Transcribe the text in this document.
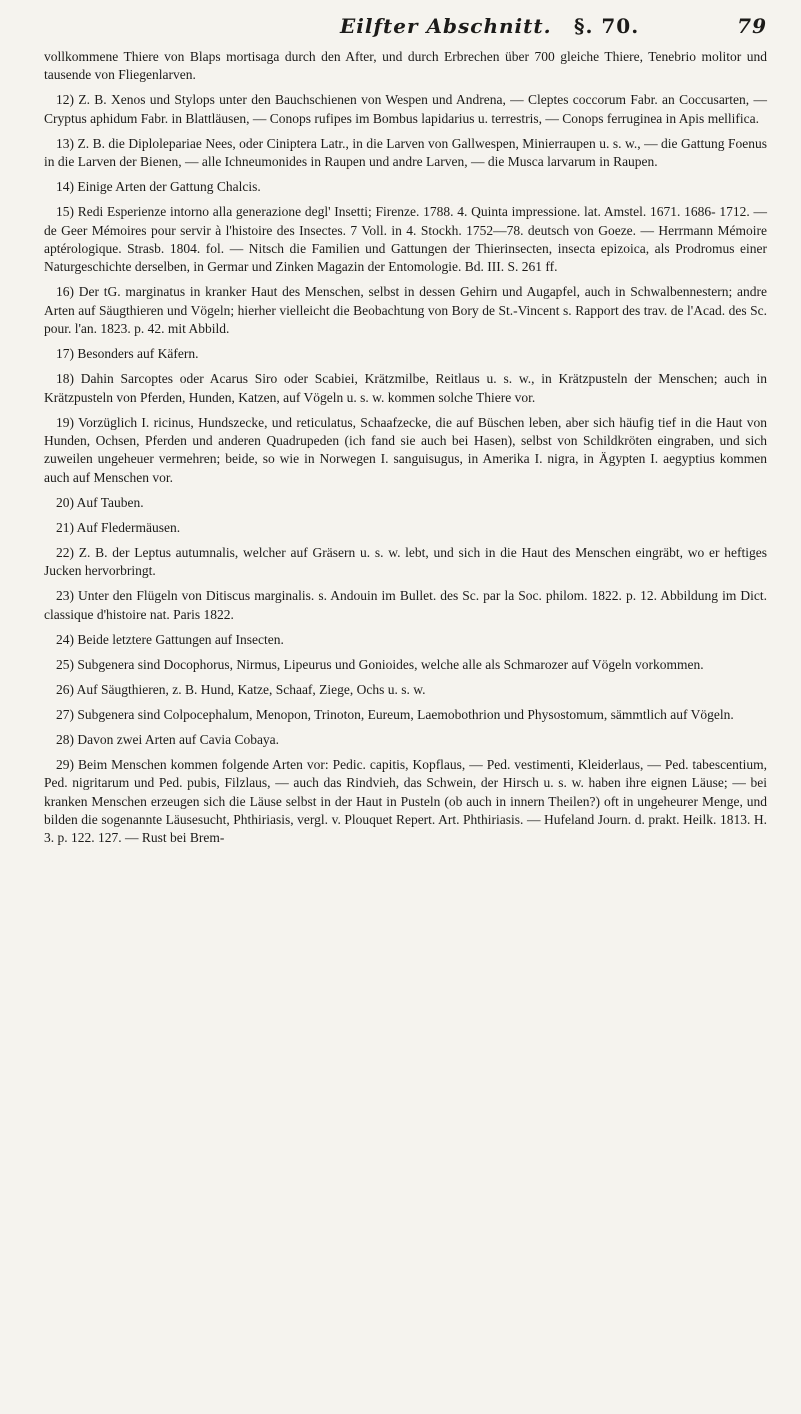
Eilfter Abschnitt. §. 70.	79

vollkommene Thiere von Blaps mortisaga durch den After, und durch Erbrechen über 700 gleiche Thiere, Tenebrio molitor und tausende von Fliegenlarven.

12) Z. B. Xenos und Stylops unter den Bauchschienen von Wespen und Andrena, — Cleptes coccorum Fabr. an Coccusarten, — Cryptus aphidum Fabr. in Blattläusen, — Conops rufipes im Bombus lapidarius u. terrestris, — Conops ferruginea in Apis mellifica.

13) Z. B. die Diplolepariae Nees, oder Ciniptera Latr., in die Larven von Gallwespen, Minierraupen u. s. w., — die Gattung Foenus in die Larven der Bienen, — alle Ichneumonides in Raupen und andre Larven, — die Musca larvarum in Raupen.

14) Einige Arten der Gattung Chalcis.

15) Redi Esperienze intorno alla generazione degl' Insetti; Firenze. 1788. 4. Quinta impressione. lat. Amstel. 1671. 1686- 1712. — de Geer Mémoires pour servir à l'histoire des Insectes. 7 Voll. in 4. Stockh. 1752—78. deutsch von Goeze. — Herrmann Mémoire aptérologique. Strasb. 1804. fol. — Nitsch die Familien und Gattungen der Thierinsecten, insecta epizoica, als Prodromus einer Naturgeschichte derselben, in Germar und Zinken Magazin der Entomologie. Bd. III. S. 261 ff.

16) Der tG. marginatus in kranker Haut des Menschen, selbst in dessen Gehirn und Augapfel, auch in Schwalbennestern; andre Arten auf Säugthieren und Vögeln; hierher vielleicht die Beobachtung von Bory de St.-Vincent s. Rapport des trav. de l'Acad. des Sc. pour. l'an. 1823. p. 42. mit Abbild.

17) Besonders auf Käfern.

18) Dahin Sarcoptes oder Acarus Siro oder Scabiei, Krätzmilbe, Reitlaus u. s. w., in Krätzpusteln der Menschen; auch in Krätzpusteln von Pferden, Hunden, Katzen, auf Vögeln u. s. w. kommen solche Thiere vor.

19) Vorzüglich I. ricinus, Hundszecke, und reticulatus, Schaafzecke, die auf Büschen leben, aber sich häufig tief in die Haut von Hunden, Ochsen, Pferden und anderen Quadrupeden (ich fand sie auch bei Hasen), selbst von Schildkröten eingraben, und sich zuweilen ungeheuer vermehren; beide, so wie in Norwegen I. sanguisugus, in Amerika I. nigra, in Ägypten I. aegyptius kommen auch auf Menschen vor.

20) Auf Tauben.

21) Auf Fledermäusen.

22) Z. B. der Leptus autumnalis, welcher auf Gräsern u. s. w. lebt, und sich in die Haut des Menschen eingräbt, wo er heftiges Jucken hervorbringt.

23) Unter den Flügeln von Ditiscus marginalis. s. Andouin im Bullet. des Sc. par la Soc. philom. 1822. p. 12. Abbildung im Dict. classique d'histoire nat. Paris 1822.

24) Beide letztere Gattungen auf Insecten.

25) Subgenera sind Docophorus, Nirmus, Lipeurus und Gonioides, welche alle als Schmarozer auf Vögeln vorkommen.

26) Auf Säugthieren, z. B. Hund, Katze, Schaaf, Ziege, Ochs u. s. w.

27) Subgenera sind Colpocephalum, Menopon, Trinoton, Eureum, Laemobothrion und Physostomum, sämmtlich auf Vögeln.

28) Davon zwei Arten auf Cavia Cobaya.

29) Beim Menschen kommen folgende Arten vor: Pedic. capitis, Kopflaus, — Ped. vestimenti, Kleiderlaus, — Ped. tabescentium, Ped. nigritarum und Ped. pubis, Filzlaus, — auch das Rindvieh, das Schwein, der Hirsch u. s. w. haben ihre eignen Läuse; — bei kranken Menschen erzeugen sich die Läuse selbst in der Haut in Pusteln (ob auch in innern Theilen?) oft in ungeheurer Menge, und bilden die sogenannte Läusesucht, Phthiriasis, vergl. v. Plouquet Repert. Art. Phthiriasis. — Hufeland Journ. d. prakt. Heilk. 1813. H. 3. p. 122. 127. — Rust bei Brem-
